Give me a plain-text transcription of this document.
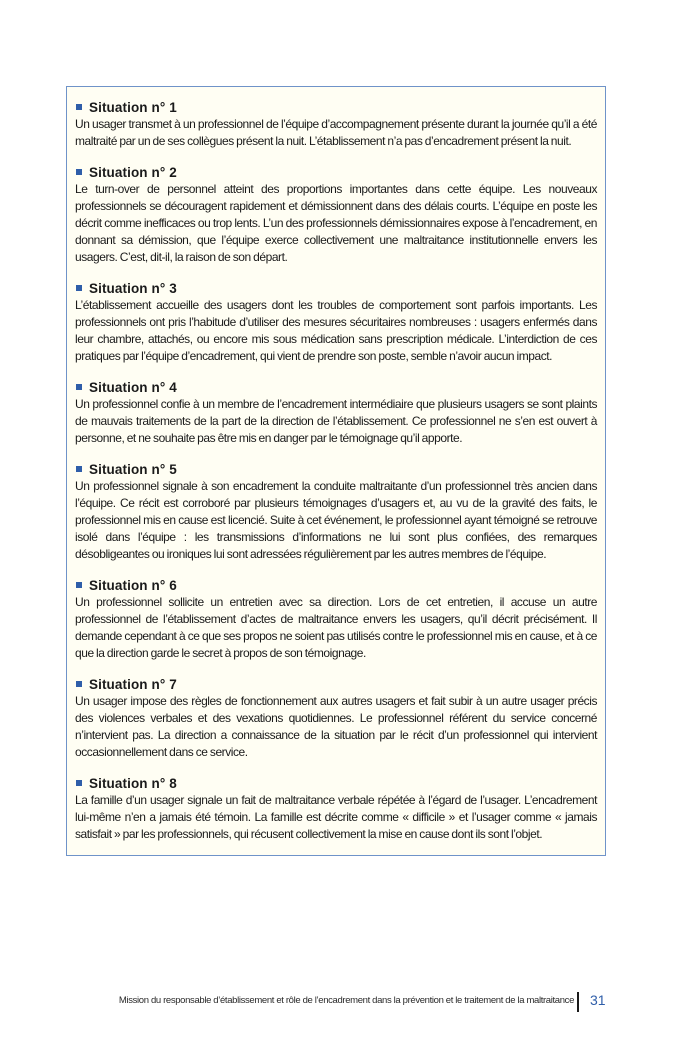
Situation n° 1

Un usager transmet à un professionnel de l’équipe d’accompagnement présente durant la journée qu’il a été maltraité par un de ses collègues présent la nuit. L’établissement n’a pas d’encadrement présent la nuit.

Situation n° 2

Le turn-over de personnel atteint des proportions importantes dans cette équipe. Les nouveaux professionnels se découragent rapidement et démissionnent dans des délais courts. L’équipe en poste les décrit comme inefficaces ou trop lents. L’un des professionnels démissionnaires expose à l’encadrement, en donnant sa démission, que l’équipe exerce collectivement une maltraitance institutionnelle envers les usagers. C’est, dit-il, la raison de son départ.

Situation n° 3

L’établissement accueille des usagers dont les troubles de comportement sont parfois importants. Les professionnels ont pris l’habitude d’utiliser des mesures sécuritaires nombreuses : usagers enfermés dans leur chambre, attachés, ou encore mis sous médication sans prescription médicale. L’interdiction de ces pratiques par l’équipe d’encadrement, qui vient de prendre son poste, semble n’avoir aucun impact.

Situation n° 4

Un professionnel confie à un membre de l’encadrement intermédiaire que plusieurs usagers se sont plaints de mauvais traitements de la part de la direction de l’établissement. Ce professionnel ne s’en est ouvert à personne, et ne souhaite pas être mis en danger par le témoignage qu’il apporte.

Situation n° 5

Un professionnel signale à son encadrement la conduite maltraitante d’un professionnel très ancien dans l’équipe. Ce récit est corroboré par plusieurs témoignages d’usagers et, au vu de la gravité des faits, le professionnel mis en cause est licencié. Suite à cet événement, le professionnel ayant témoigné se retrouve isolé dans l’équipe : les transmissions d’informations ne lui sont plus confiées, des remarques désobligeantes ou ironiques lui sont adressées régulièrement par les autres membres de l’équipe.

Situation n° 6

Un professionnel sollicite un entretien avec sa direction. Lors de cet entretien, il accuse un autre professionnel de l’établissement d’actes de maltraitance envers les usagers, qu’il décrit précisément. Il demande cependant à ce que ses propos ne soient pas utilisés contre le professionnel mis en cause, et à ce que la direction garde le secret à propos de son témoignage.

Situation n° 7

Un usager impose des règles de fonctionnement aux autres usagers et fait subir à un autre usager précis des violences verbales et des vexations quotidiennes. Le professionnel référent du service concerné n’intervient pas. La direction a connaissance de la situation par le récit d’un professionnel qui intervient occasionnellement dans ce service.

Situation n° 8

La famille d’un usager signale un fait de maltraitance verbale répétée à l’égard de l’usager. L’encadrement lui-même n’en a jamais été témoin. La famille est décrite comme « difficile » et l’usager comme « jamais satisfait » par les professionnels, qui récusent collectivement la mise en cause dont ils sont l’objet.

Mission du responsable d’établissement et rôle de l’encadrement dans la prévention et le traitement de la maltraitance 31
